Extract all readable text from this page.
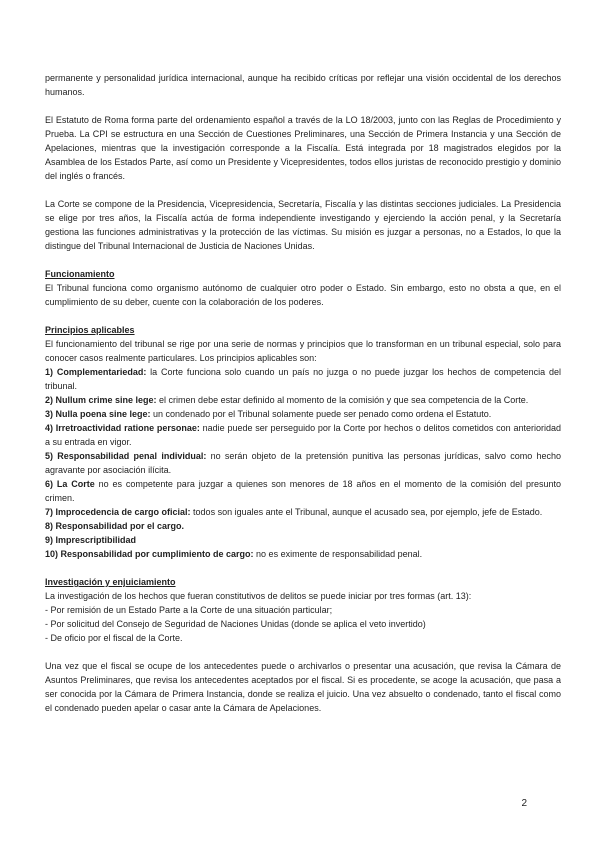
permanente y personalidad jurídica internacional, aunque ha recibido críticas por reflejar una visión occidental de los derechos humanos.

El Estatuto de Roma forma parte del ordenamiento español a través de la LO 18/2003, junto con las Reglas de Procedimiento y Prueba. La CPI se estructura en una Sección de Cuestiones Preliminares, una Sección de Primera Instancia y una Sección de Apelaciones, mientras que la investigación corresponde a la Fiscalía. Está integrada por 18 magistrados elegidos por la Asamblea de los Estados Parte, así como un Presidente y Vicepresidentes, todos ellos juristas de reconocido prestigio y dominio del inglés o francés.

La Corte se compone de la Presidencia, Vicepresidencia, Secretaría, Fiscalía y las distintas secciones judiciales. La Presidencia se elige por tres años, la Fiscalía actúa de forma independiente investigando y ejerciendo la acción penal, y la Secretaría gestiona las funciones administrativas y la protección de las víctimas. Su misión es juzgar a personas, no a Estados, lo que la distingue del Tribunal Internacional de Justicia de Naciones Unidas.

Funcionamiento

El Tribunal funciona como organismo autónomo de cualquier otro poder o Estado. Sin embargo, esto no obsta a que, en el cumplimiento de su deber, cuente con la colaboración de los poderes.

Principios aplicables

El funcionamiento del tribunal se rige por una serie de normas y principios que lo transforman en un tribunal especial, solo para conocer casos realmente particulares. Los principios aplicables son:

1) Complementariedad: la Corte funciona solo cuando un país no juzga o no puede juzgar los hechos de competencia del tribunal.

2) Nullum crime sine lege: el crimen debe estar definido al momento de la comisión y que sea competencia de la Corte.

3) Nulla poena sine lege: un condenado por el Tribunal solamente puede ser penado como ordena el Estatuto.

4) Irretroactividad ratione personae: nadie puede ser perseguido por la Corte por hechos o delitos cometidos con anterioridad a su entrada en vigor.

5) Responsabilidad penal individual: no serán objeto de la pretensión punitiva las personas jurídicas, salvo como hecho agravante por asociación ilícita.

6) La Corte no es competente para juzgar a quienes son menores de 18 años en el momento de la comisión del presunto crimen.

7) Improcedencia de cargo oficial: todos son iguales ante el Tribunal, aunque el acusado sea, por ejemplo, jefe de Estado.

8) Responsabilidad por el cargo.

9) Imprescriptibilidad

10) Responsabilidad por cumplimiento de cargo: no es eximente de responsabilidad penal.

Investigación y enjuiciamiento

La investigación de los hechos que fueran constitutivos de delitos se puede iniciar por tres formas (art. 13):

- Por remisión de un Estado Parte a la Corte de una situación particular;

- Por solicitud del Consejo de Seguridad de Naciones Unidas (donde se aplica el veto invertido)

- De oficio por el fiscal de la Corte.

Una vez que el fiscal se ocupe de los antecedentes puede o archivarlos o presentar una acusación, que revisa la Cámara de Asuntos Preliminares, que revisa los antecedentes aceptados por el fiscal. Si es procedente, se acoge la acusación, que pasa a ser conocida por la Cámara de Primera Instancia, donde se realiza el juicio. Una vez absuelto o condenado, tanto el fiscal como el condenado pueden apelar o casar ante la Cámara de Apelaciones.

2
